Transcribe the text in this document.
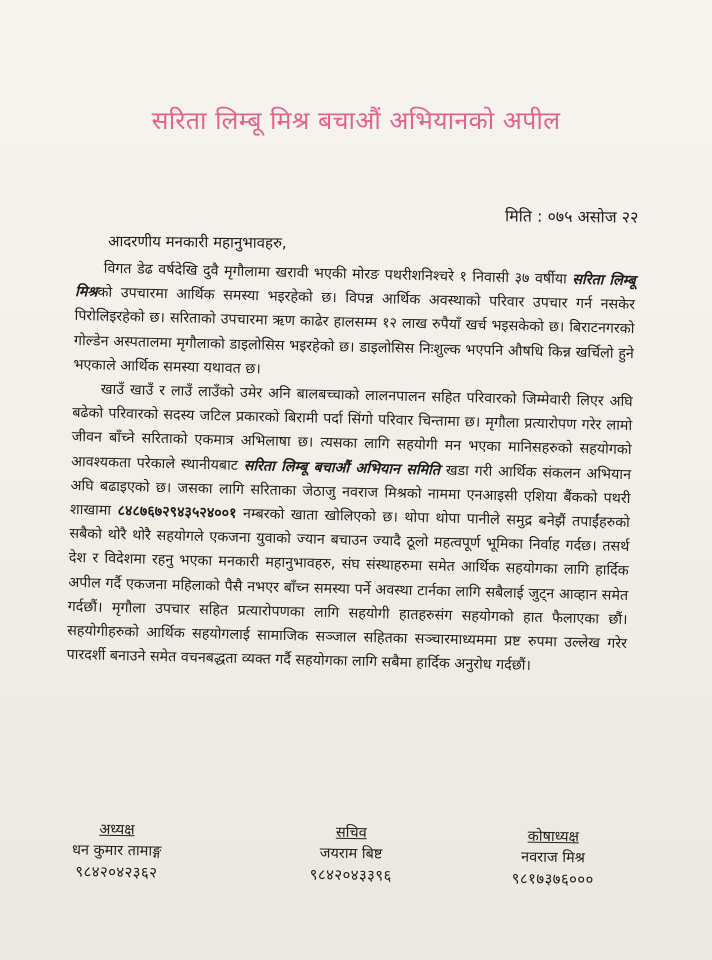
सरिता लिम्बू मिश्र बचाऔं अभियानको अपील
मिति : ०७५ असोज २२
आदरणीय मनकारी महानुभावहरु,

विगत डेढ वर्षदेखि दुवै मृगौलामा खरावी भएकी मोरङ पथरीशनिश्चरे १ निवासी ३७ वर्षीया सरिता लिम्बू मिश्रको उपचारमा आर्थिक समस्या भइरहेको छ। विपन्न आर्थिक अवस्थाको परिवार उपचार गर्न नसकेर पिरोलिइरहेको छ। सरिताको उपचारमा ऋण काढेर हालसम्म १२ लाख रुपैयाँ खर्च भइसकेको छ। बिराटनगरको गोल्डेन अस्पतालमा मृगौलाको डाइलोसिस भइरहेको छ। डाइलोसिस निःशुल्क भएपनि औषधि किन्न खर्चिलो हुने भएकाले आर्थिक समस्या यथावत छ।

खाउँ खाउँ र लाउँ लाउँको उमेर अनि बालबच्चाको लालनपालन सहित परिवारको जिम्मेवारी लिएर अघि बढेको परिवारको सदस्य जटिल प्रकारको बिरामी पर्दा सिंगो परिवार चिन्तामा छ। मृगौला प्रत्यारोपण गरेर लामो जीवन बाँच्ने सरिताको एकमात्र अभिलाषा छ। त्यसका लागि सहयोगी मन भएका मानिसहरुको सहयोगको आवश्यकता परेकाले स्थानीयबाट सरिता लिम्बू बचाऔं अभियान समिति खडा गरी आर्थिक संकलन अभियान अघि बढाइएको छ। जसका लागि सरिताका जेठाजु नवराज मिश्रको नाममा एनआइसी एशिया बैंकको पथरी शाखामा ८४८७६७२९४३५२४००१ नम्बरको खाता खोलिएको छ। थोपा थोपा पानीले समुद्र बनेझैं तपाईंहरुको सबैको थोरै थोरै सहयोगले एकजना युवाको ज्यान बचाउन ज्यादै ठूलो महत्वपूर्ण भूमिका निर्वाह गर्दछ। तसर्थ देश र विदेशमा रहनु भएका मनकारी महानुभावहरु, संघ संस्थाहरुमा समेत आर्थिक सहयोगका लागि हार्दिक अपील गर्दै एकजना महिलाको पैसै नभएर बाँच्न समस्या पर्ने अवस्था टार्नका लागि सबैलाई जुट्न आव्हान समेत गर्दछौं। मृगौला उपचार सहित प्रत्यारोपणका लागि सहयोगी हातहरुसंग सहयोगको हात फैलाएका छौं। सहयोगीहरुको आर्थिक सहयोगलाई सामाजिक सञ्जाल सहितका सञ्चारमाध्यममा प्रष्ट रुपमा उल्लेख गरेर पारदर्शी बनाउने समेत वचनबद्धता व्यक्त गर्दै सहयोगका लागि सबैमा हार्दिक अनुरोध गर्दछौं।

अध्यक्ष
धन कुमार तामाङ्ग
९८४२०४२३६२
सचिव
जयराम बिष्ट
९८४२०४३३९६
कोषाध्यक्ष
नवराज मिश्र
९८१७३७६०००
